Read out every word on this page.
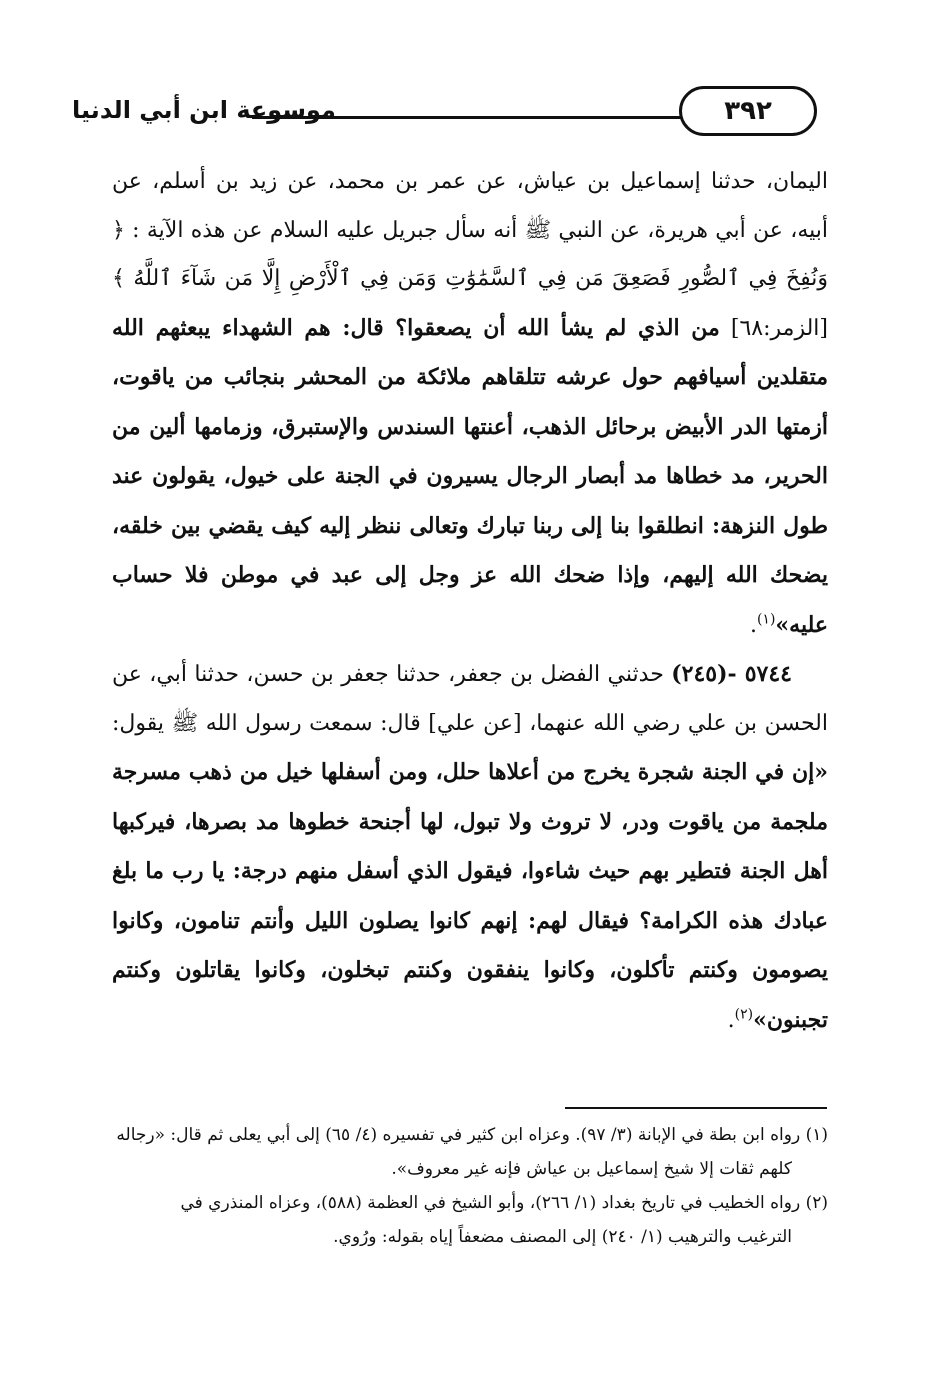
٣٩٢
موسوعة ابن أبي الدنيا

اليمان، حدثنا إسماعيل بن عياش، عن عمر بن محمد، عن زيد بن أسلم، عن أبيه، عن أبي هريرة، عن النبي ﷺ أنه سأل جبريل عليه السلام عن هذه الآية : ﴿ وَنُفِخَ فِي ٱلصُّورِ فَصَعِقَ مَن فِي ٱلسَّمَٰوَٰتِ وَمَن فِي ٱلْأَرْضِ إِلَّا مَن شَآءَ ٱللَّهُ ﴾ [الزمر:٦٨] من الذي لم يشأ الله أن يصعقوا؟ قال: هم الشهداء يبعثهم الله متقلدين أسيافهم حول عرشه تتلقاهم ملائكة من المحشر بنجائب من ياقوت، أزمتها الدر الأبيض برحائل الذهب، أعنتها السندس والإستبرق، وزمامها ألين من الحرير، مد خطاها مد أبصار الرجال يسيرون في الجنة على خيول، يقولون عند طول النزهة: انطلقوا بنا إلى ربنا تبارك وتعالى ننظر إليه كيف يقضي بين خلقه، يضحك الله إليهم، وإذا ضحك الله عز وجل إلى عبد في موطن فلا حساب عليه»$^{(١)}$.

٥٧٤٤ -(٢٤٥) حدثني الفضل بن جعفر، حدثنا جعفر بن حسن، حدثنا أبي، عن الحسن بن علي رضي الله عنهما، [عن علي] قال: سمعت رسول الله ﷺ يقول: «إن في الجنة شجرة يخرج من أعلاها حلل، ومن أسفلها خيل من ذهب مسرجة ملجمة من ياقوت ودر، لا تروث ولا تبول، لها أجنحة خطوها مد بصرها، فيركبها أهل الجنة فتطير بهم حيث شاءوا، فيقول الذي أسفل منهم درجة: يا رب ما بلغ عبادك هذه الكرامة؟ فيقال لهم: إنهم كانوا يصلون الليل وأنتم تنامون، وكانوا يصومون وكنتم تأكلون، وكانوا ينفقون وكنتم تبخلون، وكانوا يقاتلون وكنتم تجبنون»$^{(٢)}$.

(١) رواه ابن بطة في الإبانة (٣/ ٩٧). وعزاه ابن كثير في تفسيره (٤/ ٦٥) إلى أبي يعلى ثم قال: «رجاله

كلهم ثقات إلا شيخ إسماعيل بن عياش فإنه غير معروف».

(٢) رواه الخطيب في تاريخ بغداد (١/ ٢٦٦)، وأبو الشيخ في العظمة (٥٨٨)، وعزاه المنذري في

الترغيب والترهيب (١/ ٢٤٠) إلى المصنف مضعفاً إياه بقوله: ورُوي.
